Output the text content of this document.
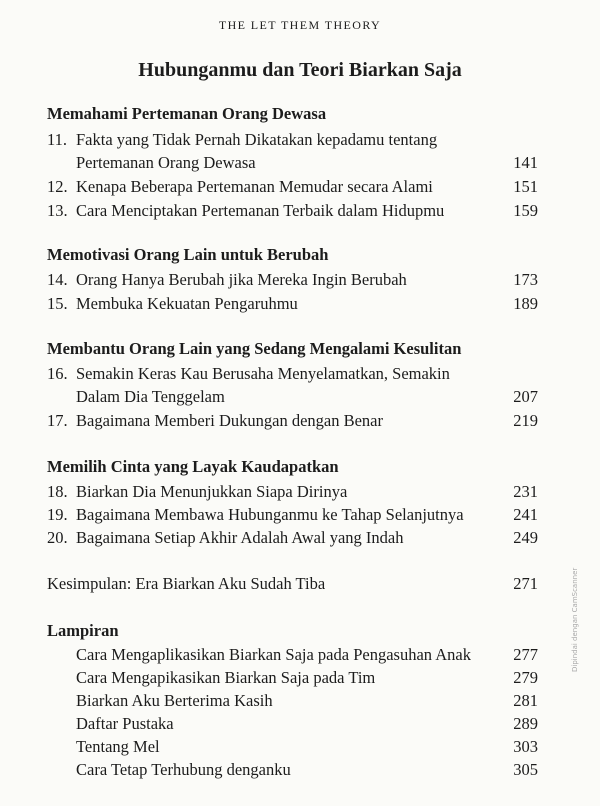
THE LET THEM THEORY
Hubunganmu dan Teori Biarkan Saja
Memahami Pertemanan Orang Dewasa
11. Fakta yang Tidak Pernah Dikatakan kepadamu tentang
Pertemanan Orang Dewasa	141
12. Kenapa Beberapa Pertemanan Memudar secara Alami	151
13. Cara Menciptakan Pertemanan Terbaik dalam Hidupmu	159
Memotivasi Orang Lain untuk Berubah
14. Orang Hanya Berubah jika Mereka Ingin Berubah	173
15. Membuka Kekuatan Pengaruhmu	189
Membantu Orang Lain yang Sedang Mengalami Kesulitan
16. Semakin Keras Kau Berusaha Menyelamatkan, Semakin
Dalam Dia Tenggelam	207
17. Bagaimana Memberi Dukungan dengan Benar	219
Memilih Cinta yang Layak Kaudapatkan
18. Biarkan Dia Menunjukkan Siapa Dirinya	231
19. Bagaimana Membawa Hubunganmu ke Tahap Selanjutnya	241
20. Bagaimana Setiap Akhir Adalah Awal yang Indah	249
Kesimpulan: Era Biarkan Aku Sudah Tiba	271
Lampiran
Cara Mengaplikasikan Biarkan Saja pada Pengasuhan Anak	277
Cara Mengapikasikan Biarkan Saja pada Tim	279
Biarkan Aku Berterima Kasih	281
Daftar Pustaka	289
Tentang Mel	303
Cara Tetap Terhubung denganku	305
Dipindai dengan CamScanner
